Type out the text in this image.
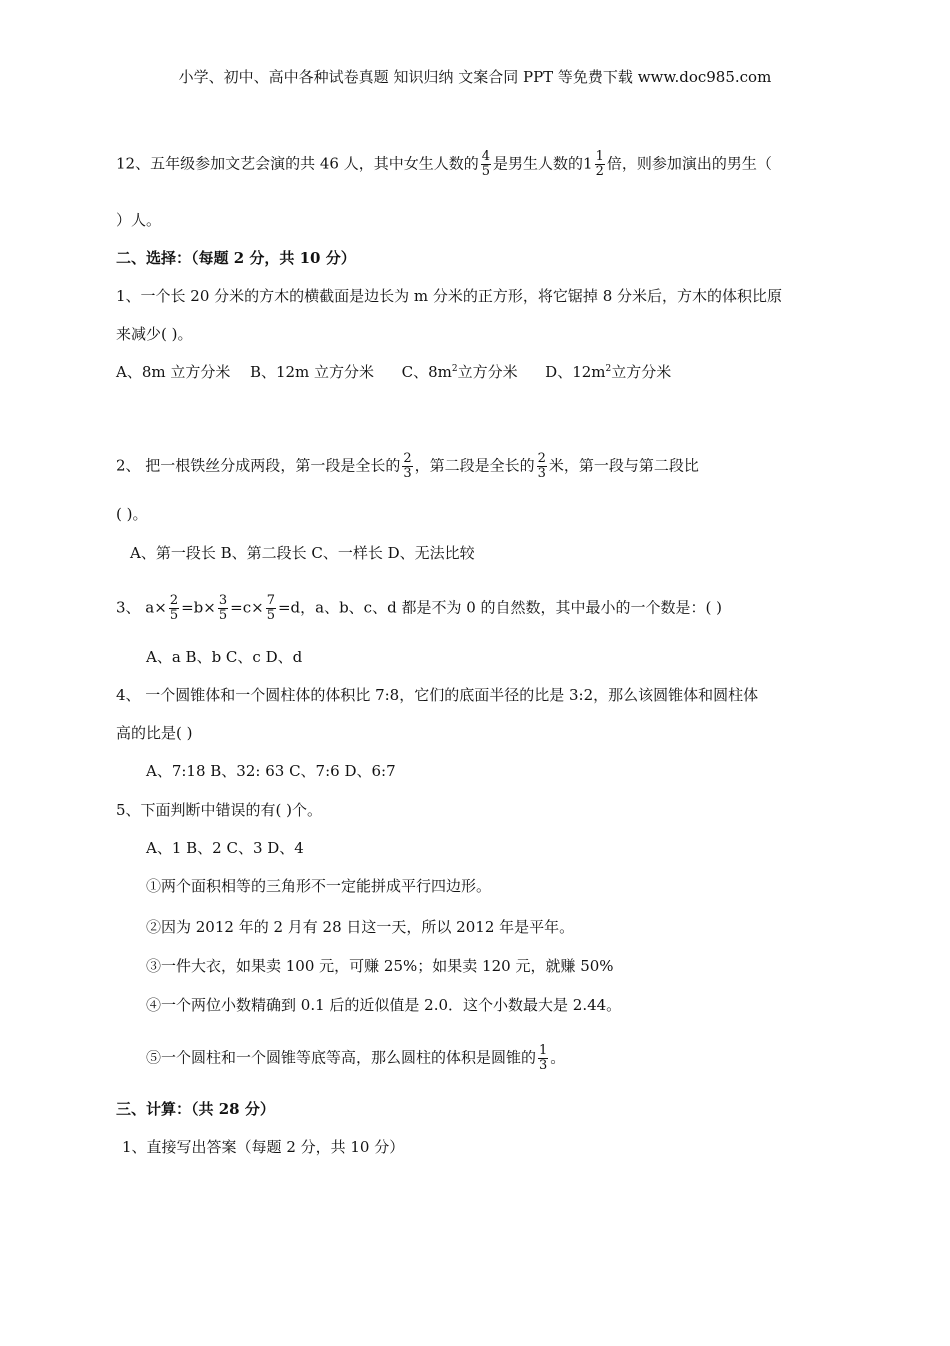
小学、初中、高中各种试卷真题 知识归纳 文案合同 PPT 等免费下载 www.doc985.com
12、五年级参加文艺会演的共 46 人，其中女生人数的 $\frac{4}{5}$ 是男生人数的$1 \frac{1}{2}$ 倍，则参加演出的男生（
）人。
二、选择：（每题 2 分，共 10 分）
1、一个长 20 分米的方木的横截面是边长为 m 分米的正方形，将它锯掉 8 分米后，方木的体积比原
来减少( )。
A、8m 立方分米 B、12m 立方分米 C、$8m^2$立方分米 D、$12m^2$立方分米
2、 把一根铁丝分成两段，第一段是全长的 $\frac{2}{3}$ ，第二段是全长的 $\frac{2}{3}$ 米，第一段与第二段比
( )。
A、第一段长 B、第二段长 C、一样长 D、无法比较
3、 $a\times \frac{2}{5} =b\times \frac{3}{5} =c\times \frac{7}{5} =d$，a、b、c、d 都是不为 0 的自然数，其中最小的一个数是：( )
A、a B、b C、c D、d
4、 一个圆锥体和一个圆柱体的体积比 7:8，它们的底面半径的比是 3:2，那么该圆锥体和圆柱体
高的比是( )
A、7:18 B、32: 63 C、7:6 D、6:7
5、下面判断中错误的有( )个。
A、1 B、2 C、3 D、4
①两个面积相等的三角形不一定能拼成平行四边形。
②因为 2012 年的 2 月有 28 日这一天，所以 2012 年是平年。
③一件大衣，如果卖 100 元，可赚 25%；如果卖 120 元，就赚 50%
④一个两位小数精确到 0.1 后的近似值是 2.0．这个小数最大是 2.44。
⑤一个圆柱和一个圆锥等底等高，那么圆柱的体积是圆锥的 $\frac{1}{3}$ 。
三、计算：（共 28 分）
1、直接写出答案（每题 2 分，共 10 分）
